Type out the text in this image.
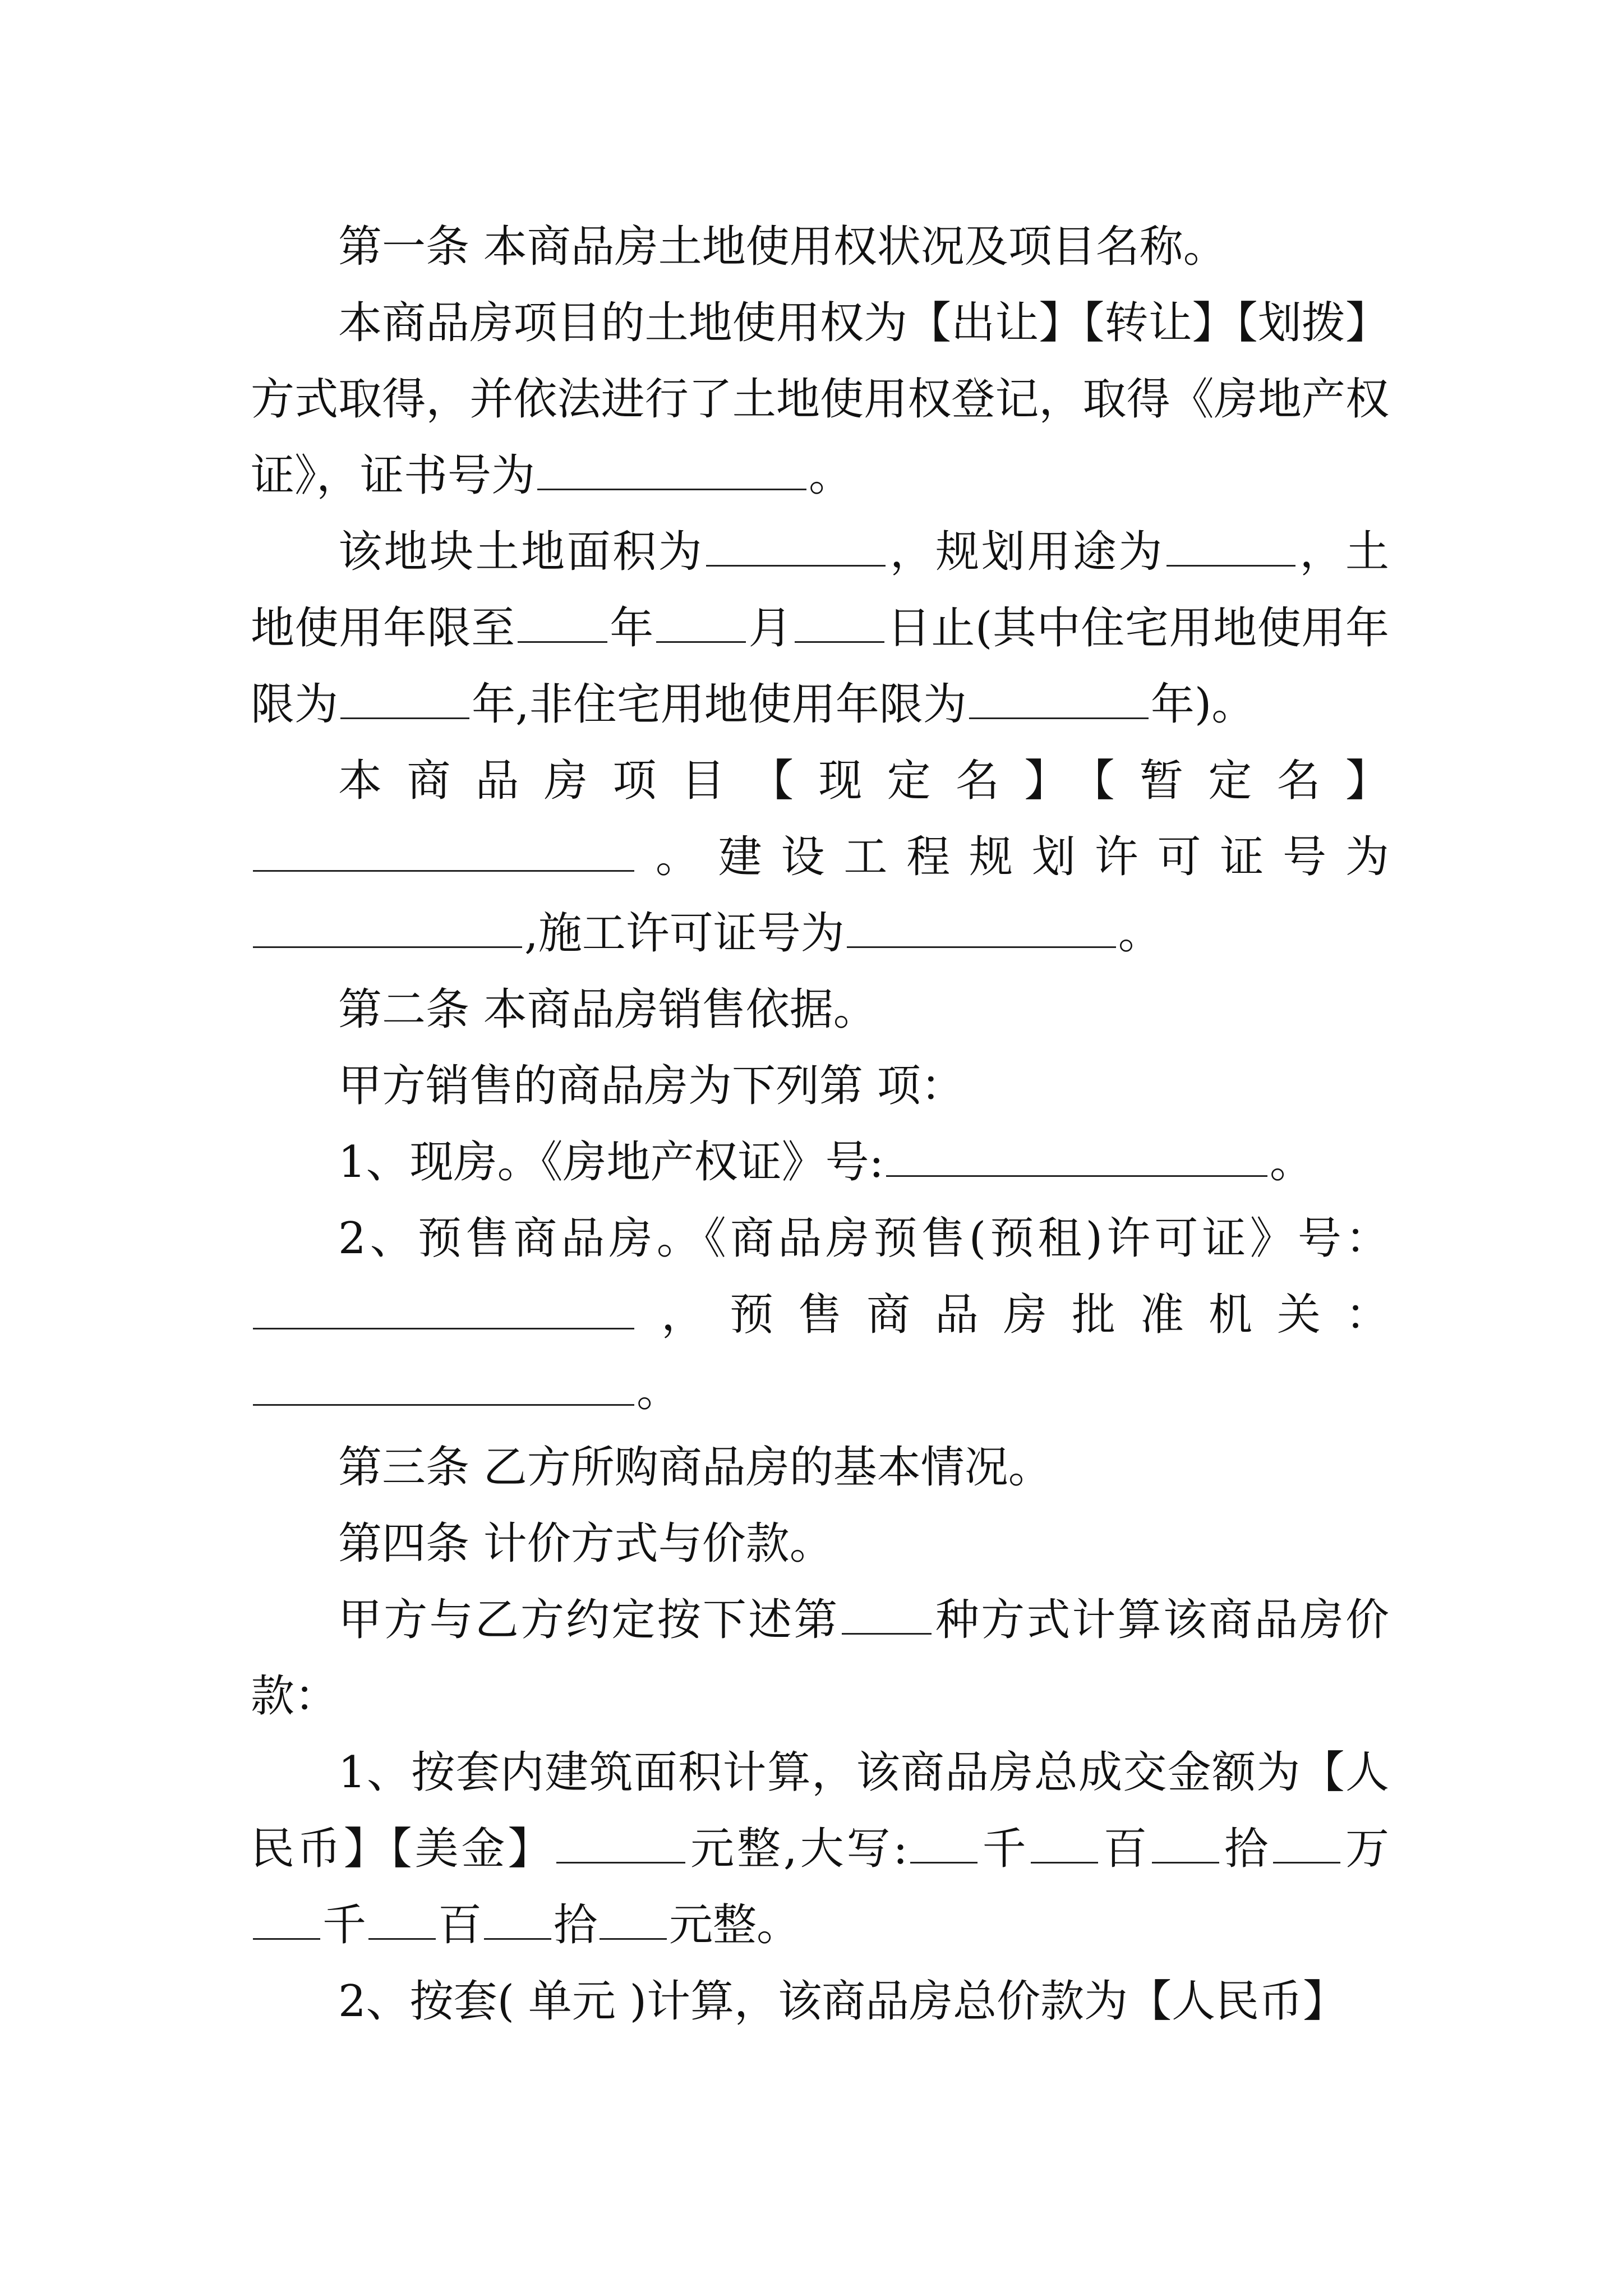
第一条 本商品房土地使用权状况及项目名称。

本商品房项目的土地使用权为【出让】【转让】【划拨】方式取得，并依法进行了土地使用权登记，取得《房地产权证》，证书号为	。

该地块土地面积为	，规划用途为	，土地使用年限至 年 月 日止(其中住宅用地使用年限为	年,非住宅用地使用年限为	年)。

本商品房项目【现定名】【暂定名】。建设工程规划许可证号为,施工许可证号为	。

第二条 本商品房销售依据。

甲方销售的商品房为下列第 项：

1、现房。《房地产权证》号:	。

2、预售商品房。《商品房预售(预租)许可证》号：，预售商品房批准机关：。

第三条 乙方所购商品房的基本情况。

第四条 计价方式与价款。

甲方与乙方约定按下述第 种方式计算该商品房价款：

1、按套内建筑面积计算，该商品房总成交金额为【人民币】【美金】	元整,大写: 千 百 拾 万千 百 拾 元整。

2、按套( 单元 )计算，该商品房总价款为【人民币】
